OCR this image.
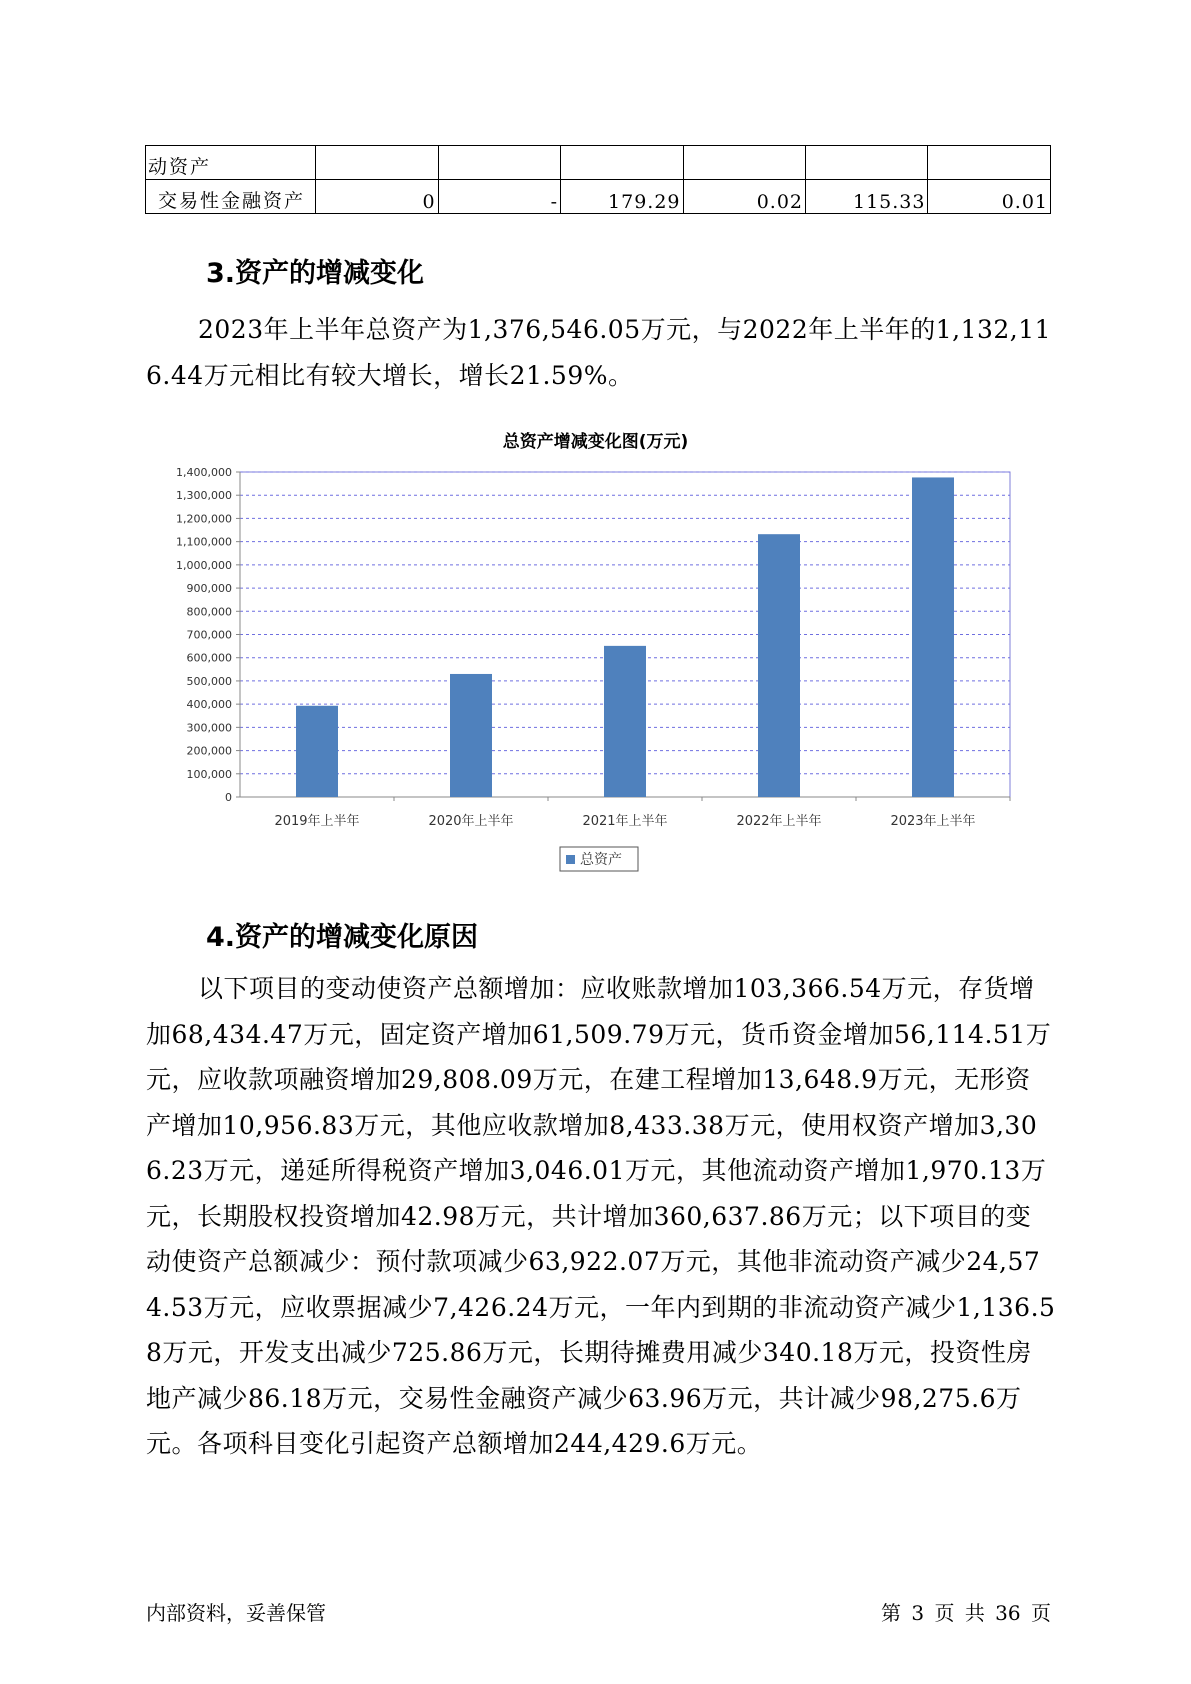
动资产						
交易性金融资产	0	-	179.29	0.02	115.33	0.01
3.资产的增减变化

2023年上半年总资产为1,376,546.05万元，与2022年上半年的1,132,116.44万元相比有较大增长，增长21.59%。

总资产增减变化图(万元)
0
100,000
200,000
300,000
400,000
500,000
600,000
700,000
800,000
900,000
1,000,000
1,100,000
1,200,000
1,300,000
1,400,000
2019年上半年	2020年上半年	2021年上半年	2022年上半年	2023年上半年
总资产
4.资产的增减变化原因

以下项目的变动使资产总额增加：应收账款增加103,366.54万元，存货增加68,434.47万元，固定资产增加61,509.79万元，货币资金增加56,114.51万元，应收款项融资增加29,808.09万元，在建工程增加13,648.9万元，无形资产增加10,956.83万元，其他应收款增加8,433.38万元，使用权资产增加3,306.23万元，递延所得税资产增加3,046.01万元，其他流动资产增加1,970.13万元，长期股权投资增加42.98万元，共计增加360,637.86万元；以下项目的变动使资产总额减少：预付款项减少63,922.07万元，其他非流动资产减少24,574.53万元，应收票据减少7,426.24万元，一年内到期的非流动资产减少1,136.58万元，开发支出减少725.86万元，长期待摊费用减少340.18万元，投资性房地产减少86.18万元，交易性金融资产减少63.96万元，共计减少98,275.6万元。各项科目变化引起资产总额增加244,429.6万元。

内部资料，妥善保管	第 3 页 共 36 页
